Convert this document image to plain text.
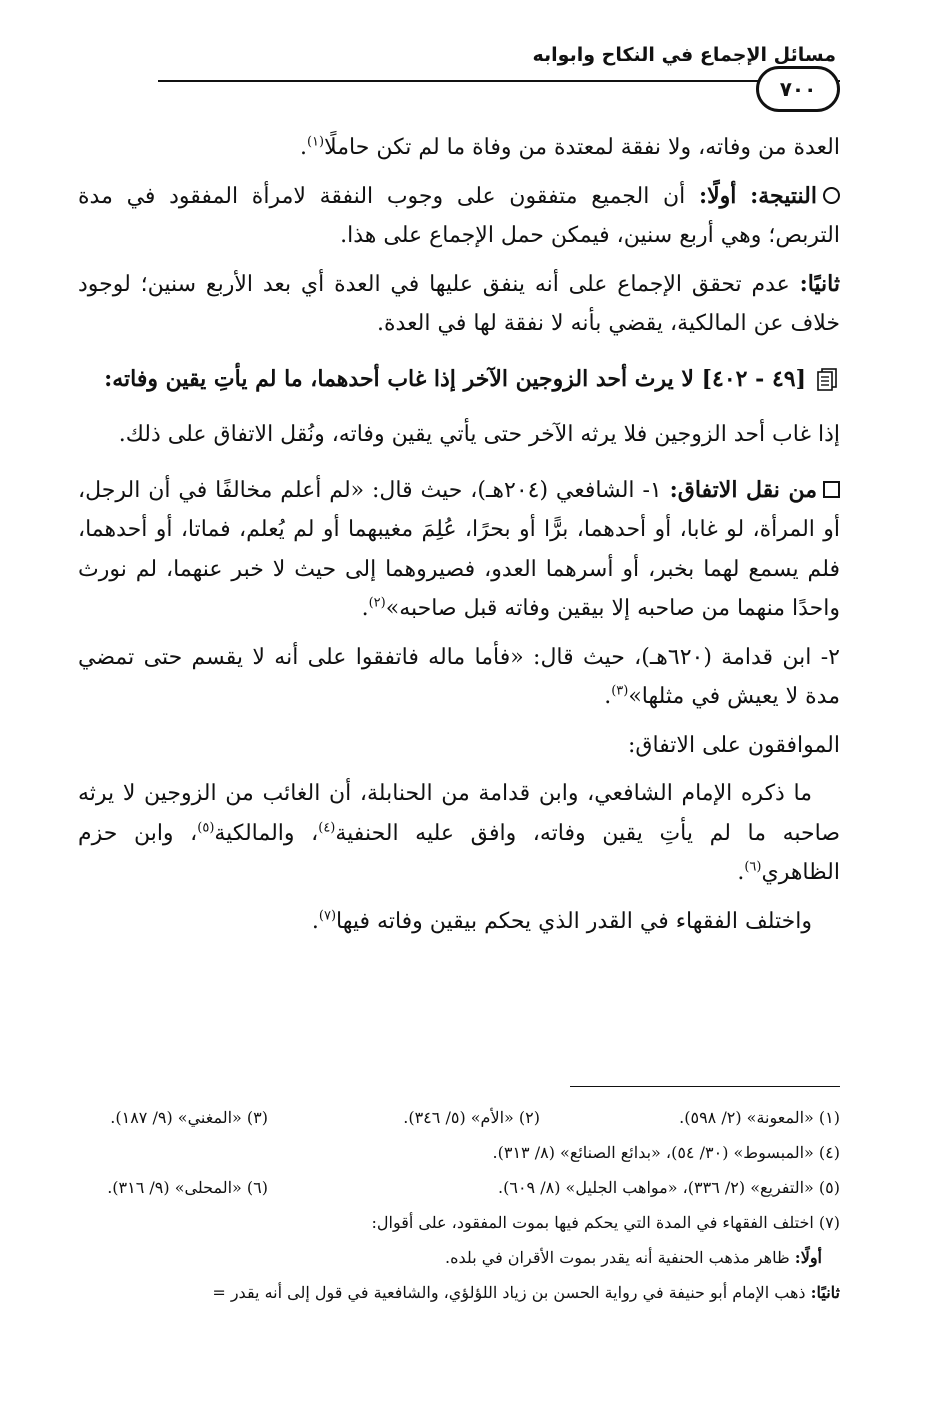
مسائل الإجماع في النكاح وابوابه
٧٠٠

العدة من وفاته، ولا نفقة لمعتدة من وفاة ما لم تكن حاملًا$^{(١)}$.

النتيجة: أولًا: أن الجميع متفقون على وجوب النفقة لامرأة المفقود في مدة التربص؛ وهي أربع سنين، فيمكن حمل الإجماع على هذا.

ثانيًا: عدم تحقق الإجماع على أنه ينفق عليها في العدة أي بعد الأربع سنين؛ لوجود خلاف عن المالكية، يقضي بأنه لا نفقة لها في العدة.

[٤٩ - ٤٠٢] لا يرث أحد الزوجين الآخر إذا غاب أحدهما، ما لم يأتِ يقين وفاته:

إذا غاب أحد الزوجين فلا يرثه الآخر حتى يأتي يقين وفاته، ونُقل الاتفاق على ذلك.

من نقل الاتفاق: ١- الشافعي (٢٠٤هـ)، حيث قال: «لم أعلم مخالفًا في أن الرجل، أو المرأة، لو غابا، أو أحدهما، برًّا أو بحرًا، عُلِمَ مغيبهما أو لم يُعلم، فماتا، أو أحدهما، فلم يسمع لهما بخبر، أو أسرهما العدو، فصيروهما إلى حيث لا خبر عنهما، لم نورث واحدًا منهما من صاحبه إلا بيقين وفاته قبل صاحبه»$^{(٢)}$.

٢- ابن قدامة (٦٢٠هـ)، حيث قال: «فأما ماله فاتفقوا على أنه لا يقسم حتى تمضي مدة لا يعيش في مثلها»$^{(٣)}$.

الموافقون على الاتفاق:

ما ذكره الإمام الشافعي، وابن قدامة من الحنابلة، أن الغائب من الزوجين لا يرثه صاحبه ما لم يأتِ يقين وفاته، وافق عليه الحنفية$^{(٤)}$، والمالكية$^{(٥)}$، وابن حزم الظاهري$^{(٦)}$.

واختلف الفقهاء في القدر الذي يحكم بيقين وفاته فيها$^{(٧)}$.

(١) «المعونة» (٢/ ٥٩٨).
(٢) «الأم» (٥/ ٣٤٦).
(٣) «المغني» (٩/ ١٨٧).
(٤) «المبسوط» (٣٠/ ٥٤)، «بدائع الصنائع» (٨/ ٣١٣).
(٥) «التفريع» (٢/ ٣٣٦)، «مواهب الجليل» (٨/ ٦٠٩).
(٦) «المحلى» (٩/ ٣١٦).
(٧) اختلف الفقهاء في المدة التي يحكم فيها بموت المفقود، على أقوال:
أولًا: ظاهر مذهب الحنفية أنه يقدر بموت الأقران في بلده.
ثانيًا: ذهب الإمام أبو حنيفة في رواية الحسن بن زياد اللؤلؤي، والشافعية في قول إلى أنه يقدر =
